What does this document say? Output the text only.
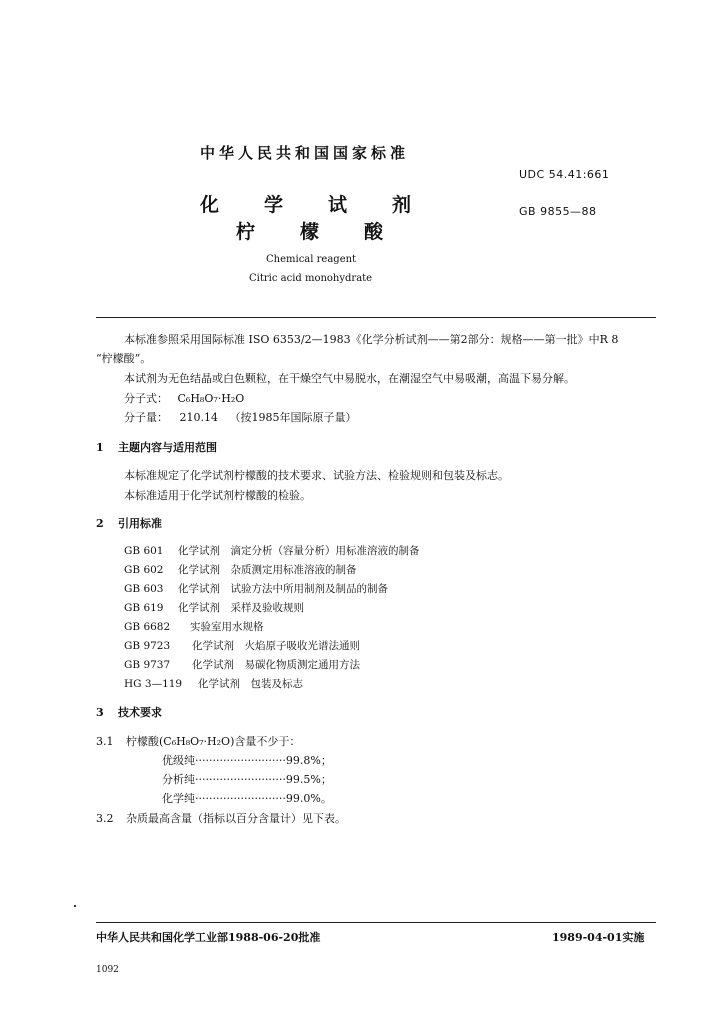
中华人民共和国国家标准
UDC 54.41:661
化学试剂	GB 9855—88
柠檬酸
Chemical reagent
Citric acid monohydrate
本标准参照采用国际标准 ISO 6353/2—1983《化学分析试剂——第2部分：规格——第一批》中R 8
“柠檬酸”。
本试剂为无色结晶或白色颗粒，在干燥空气中易脱水，在潮湿空气中易吸潮，高温下易分解。
分子式： C₆H₈O₇·H₂O
分子量： 210.14 （按1985年国际原子量）
1 主题内容与适用范围
本标准规定了化学试剂柠檬酸的技术要求、试验方法、检验规则和包装及标志。
本标准适用于化学试剂柠檬酸的检验。
2 引用标准
GB 601 化学试剂　滴定分析（容量分析）用标准溶液的制备
GB 602 化学试剂　杂质测定用标准溶液的制备
GB 603 化学试剂　试验方法中所用制剂及制品的制备
GB 619 化学试剂　采样及验收规则
GB 6682 实验室用水规格
GB 9723 化学试剂　火焰原子吸收光谱法通则
GB 9737 化学试剂　易碳化物质测定通用方法
HG 3—119 化学试剂　包装及标志
3 技术要求
3.1 柠檬酸(C₆H₈O₇·H₂O)含量不少于：
优级纯··························99.8%；
分析纯··························99.5%；
化学纯··························99.0%。
3.2 杂质最高含量（指标以百分含量计）见下表。
中华人民共和国化学工业部1988-06-20批准	1989-04-01实施
1092
